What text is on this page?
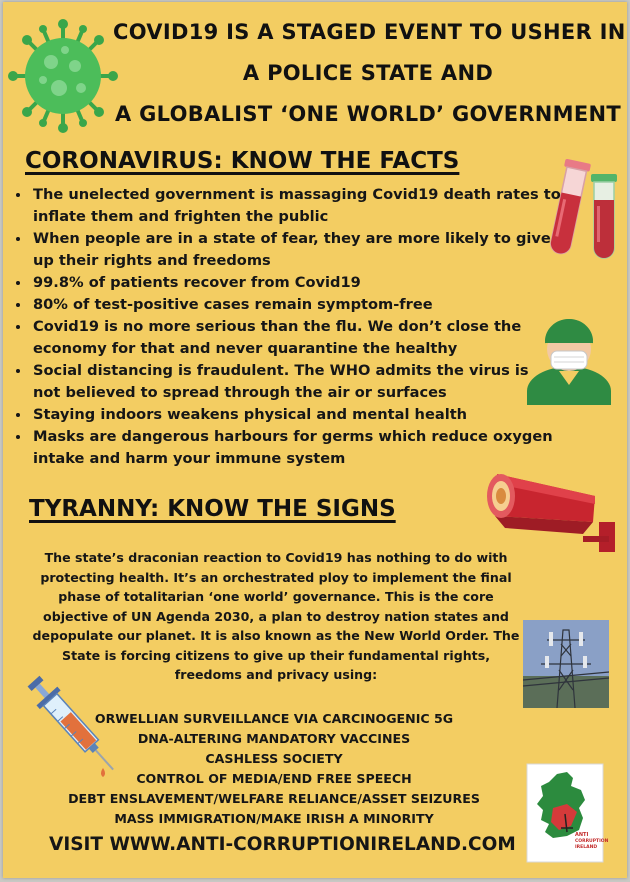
COVID19 IS A STAGED EVENT TO USHER IN
A POLICE STATE AND
A GLOBALIST ‘ONE WORLD’ GOVERNMENT
CORONAVIRUS: KNOW THE FACTS
• The unelected government is massaging Covid19 death rates to inflate them and frighten the public
• When people are in a state of fear, they are more likely to give up their rights and freedoms
• 99.8% of patients recover from Covid19
• 80% of test-positive cases remain symptom-free
• Covid19 is no more serious than the flu. We don’t close the economy for that and never quarantine the healthy
• Social distancing is fraudulent. The WHO admits the virus is not believed to spread through the air or surfaces
• Staying indoors weakens physical and mental health
• Masks are dangerous harbours for germs which reduce oxygen intake and harm your immune system
TYRANNY: KNOW THE SIGNS
The state’s draconian reaction to Covid19 has nothing to do with protecting health. It’s an orchestrated ploy to implement the final phase of totalitarian ‘one world’ governance. This is the core objective of UN Agenda 2030, a plan to destroy nation states and depopulate our planet. It is also known as the New World Order. The State is forcing citizens to give up their fundamental rights, freedoms and privacy using:
ORWELLIAN SURVEILLANCE VIA CARCINOGENIC 5G
DNA-ALTERING MANDATORY VACCINES
CASHLESS SOCIETY
CONTROL OF MEDIA/END FREE SPEECH
DEBT ENSLAVEMENT/WELFARE RELIANCE/ASSET SEIZURES
MASS IMMIGRATION/MAKE IRISH A MINORITY
ANTI
CORRUPTION
IRELAND
VISIT WWW.ANTI-CORRUPTIONIRELAND.COM
